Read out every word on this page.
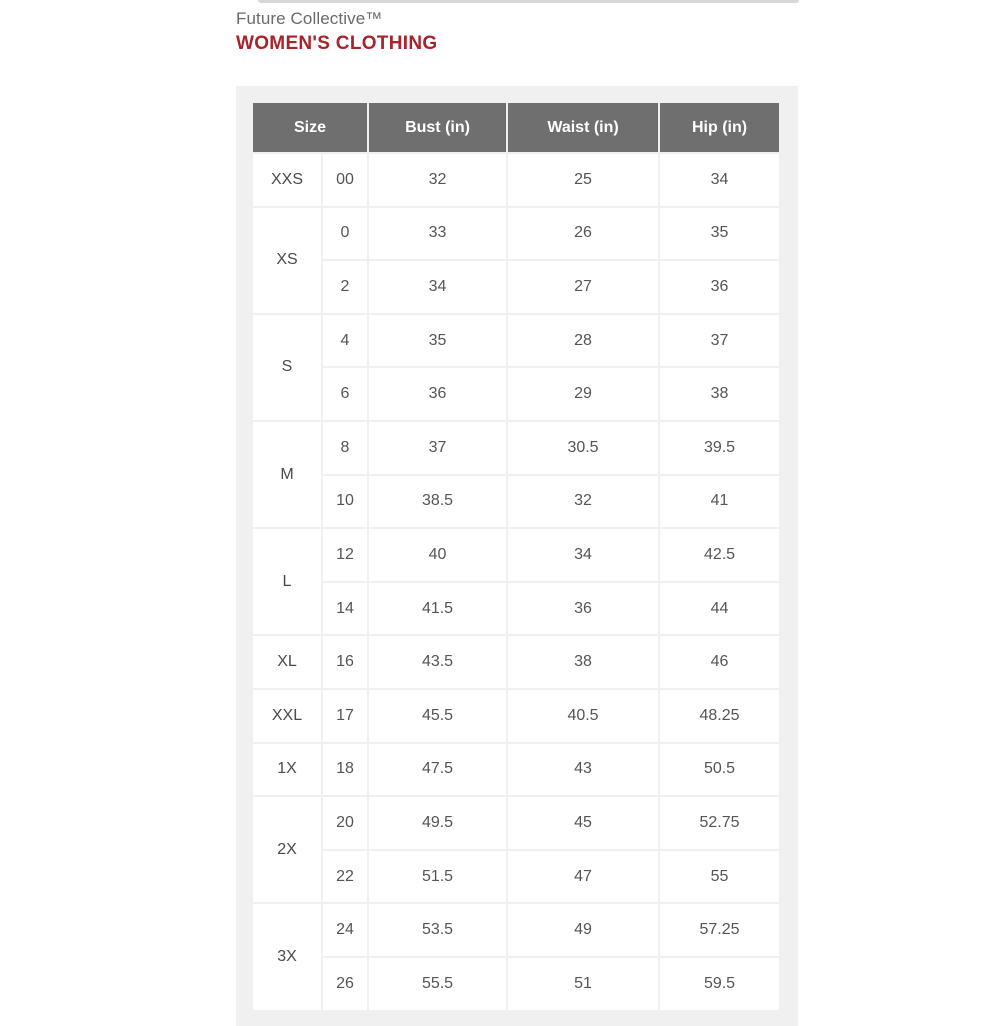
Future Collective™
WOMEN'S CLOTHING
Size		Bust (in)	Waist (in)	Hip (in)
XXS	00	32	25	34
XS	0	33	26	35
	2	34	27	36
S	4	35	28	37
	6	36	29	38
M	8	37	30.5	39.5
	10	38.5	32	41
L	12	40	34	42.5
	14	41.5	36	44
XL	16	43.5	38	46
XXL	17	45.5	40.5	48.25
1X	18	47.5	43	50.5
2X	20	49.5	45	52.75
	22	51.5	47	55
3X	24	53.5	49	57.25
	26	55.5	51	59.5
